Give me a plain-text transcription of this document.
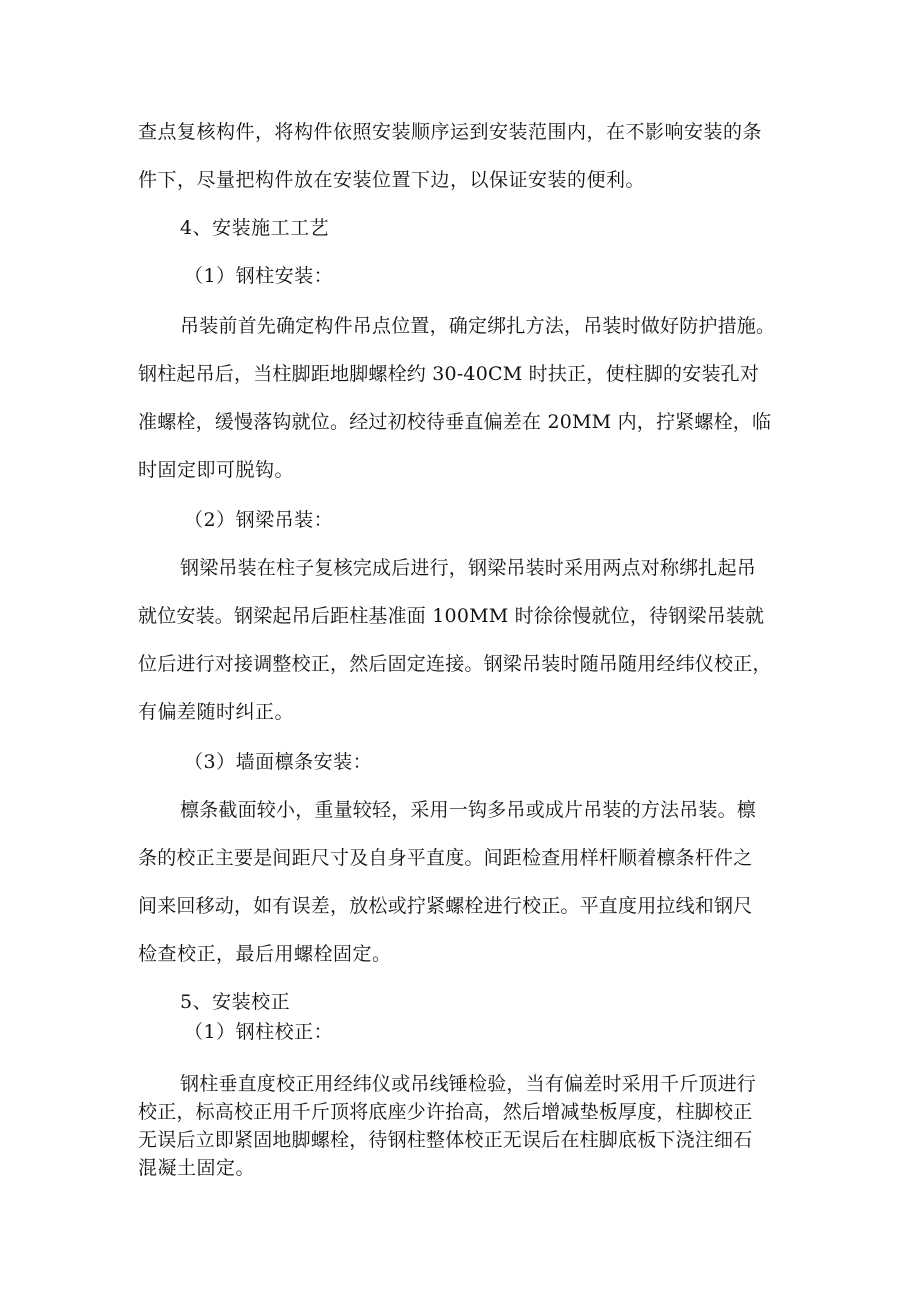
查点复核构件，将构件依照安装顺序运到安装范围内，在不影响安装的条
件下，尽量把构件放在安装位置下边，以保证安装的便利。
4、安装施工工艺
（1）钢柱安装：
吊装前首先确定构件吊点位置，确定绑扎方法，吊装时做好防护措施。
钢柱起吊后，当柱脚距地脚螺栓约 30-40CM 时扶正，使柱脚的安装孔对
准螺栓，缓慢落钩就位。经过初校待垂直偏差在 20MM 内，拧紧螺栓，临
时固定即可脱钩。
（2）钢梁吊装：
钢梁吊装在柱子复核完成后进行，钢梁吊装时采用两点对称绑扎起吊
就位安装。钢梁起吊后距柱基准面 100MM 时徐徐慢就位，待钢梁吊装就
位后进行对接调整校正，然后固定连接。钢梁吊装时随吊随用经纬仪校正，
有偏差随时纠正。
（3）墙面檩条安装：
檩条截面较小，重量较轻，采用一钩多吊或成片吊装的方法吊装。檩
条的校正主要是间距尺寸及自身平直度。间距检查用样杆顺着檩条杆件之
间来回移动，如有误差，放松或拧紧螺栓进行校正。平直度用拉线和钢尺
检查校正，最后用螺栓固定。
5、安装校正
（1）钢柱校正：
钢柱垂直度校正用经纬仪或吊线锤检验，当有偏差时采用千斤顶进行
校正，标高校正用千斤顶将底座少许抬高，然后增减垫板厚度，柱脚校正
无误后立即紧固地脚螺栓，待钢柱整体校正无误后在柱脚底板下浇注细石
混凝土固定。
